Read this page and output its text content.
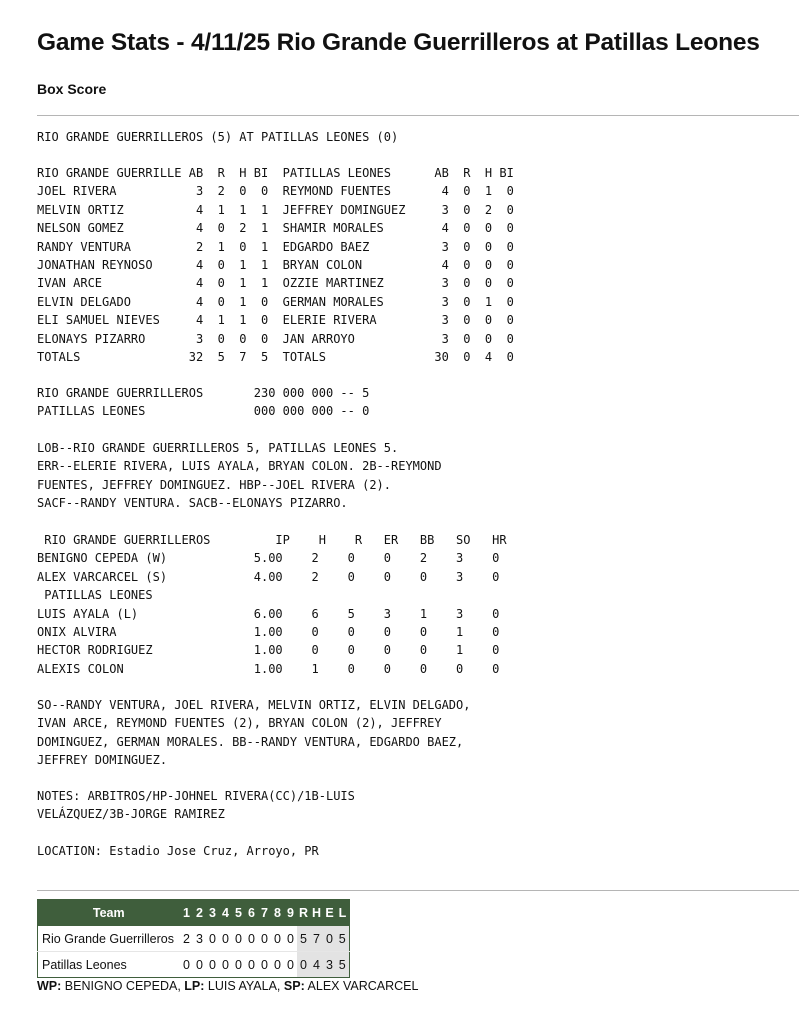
Game Stats - 4/11/25 Rio Grande Guerrilleros at Patillas Leones
Box Score
RIO GRANDE GUERRILLEROS (5) AT PATILLAS LEONES (0)
RIO GRANDE GUERRILLE AB  R  H BI  PATILLAS LEONES      AB  R  H BI
JOEL RIVERA           3  2  0  0  REYMOND FUENTES       4  0  1  0
MELVIN ORTIZ          4  1  1  1  JEFFREY DOMINGUEZ     3  0  2  0
NELSON GOMEZ          4  0  2  1  SHAMIR MORALES        4  0  0  0
RANDY VENTURA         2  1  0  1  EDGARDO BAEZ          3  0  0  0
JONATHAN REYNOSO      4  0  1  1  BRYAN COLON           4  0  0  0
IVAN ARCE             4  0  1  1  OZZIE MARTINEZ        3  0  0  0
ELVIN DELGADO         4  0  1  0  GERMAN MORALES        3  0  1  0
ELI SAMUEL NIEVES     4  1  1  0  ELERIE RIVERA         3  0  0  0
ELONAYS PIZARRO       3  0  0  0  JAN ARROYO            3  0  0  0
TOTALS               32  5  7  5  TOTALS               30  0  4  0
RIO GRANDE GUERRILLEROS       230 000 000 -- 5
PATILLAS LEONES               000 000 000 -- 0
LOB--RIO GRANDE GUERRILLEROS 5, PATILLAS LEONES 5.
ERR--ELERIE RIVERA, LUIS AYALA, BRYAN COLON. 2B--REYMOND
FUENTES, JEFFREY DOMINGUEZ. HBP--JOEL RIVERA (2).
SACF--RANDY VENTURA. SACB--ELONAYS PIZARRO.
RIO GRANDE GUERRILLEROS         IP    H    R   ER   BB   SO   HR
BENIGNO CEPEDA (W)            5.00    2    0    0    2    3    0
ALEX VARCARCEL (S)            4.00    2    0    0    0    3    0
PATILLAS LEONES
LUIS AYALA (L)                6.00    6    5    3    1    3    0
ONIX ALVIRA                   1.00    0    0    0    0    1    0
HECTOR RODRIGUEZ              1.00    0    0    0    0    1    0
ALEXIS COLON                  1.00    1    0    0    0    0    0
SO--RANDY VENTURA, JOEL RIVERA, MELVIN ORTIZ, ELVIN DELGADO,
IVAN ARCE, REYMOND FUENTES (2), BRYAN COLON (2), JEFFREY
DOMINGUEZ, GERMAN MORALES. BB--RANDY VENTURA, EDGARDO BAEZ,
JEFFREY DOMINGUEZ.
NOTES: ARBITROS/HP-JOHNEL RIVERA(CC)/1B-LUIS
VELÁZQUEZ/3B-JORGE RAMIREZ
LOCATION: Estadio Jose Cruz, Arroyo, PR
Team	1	2	3	4	5	6	7	8	9	R	H	E	L
Rio Grande Guerrilleros	2	3	0	0	0	0	0	0	0	5	7	0	5
Patillas Leones	0	0	0	0	0	0	0	0	0	0	4	3	5
WP: BENIGNO CEPEDA, LP: LUIS AYALA, SP: ALEX VARCARCEL
